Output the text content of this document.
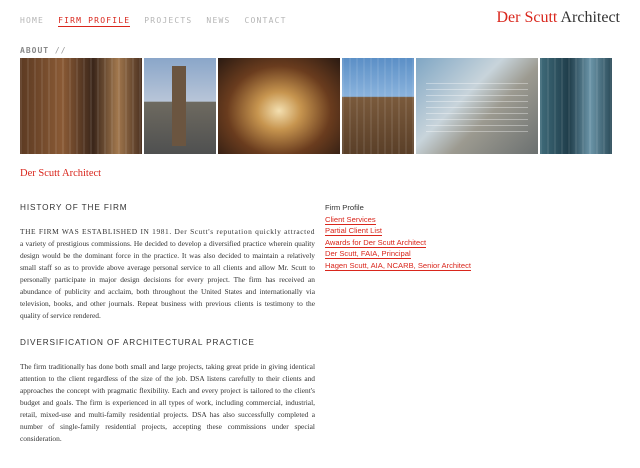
HOME FIRM PROFILE PROJECTS NEWS CONTACT	Der Scutt Architect
ABOUT //
Der Scutt Architect
HISTORY OF THE FIRM

THE FIRM WAS ESTABLISHED IN 1981. Der Scutt's reputation quickly attracted a variety of prestigious commissions. He decided to develop a diversified practice wherein quality design would be the dominant force in the practice. It was also decided to maintain a relatively small staff so as to provide above average personal service to all clients and allow Mr. Scutt to personally participate in major design decisions for every project. The firm has received an abundance of publicity and acclaim, both throughout the United States and internationally via television, books, and other journals. Repeat business with previous clients is testimony to the quality of service rendered.

DIVERSIFICATION OF ARCHITECTURAL PRACTICE

The firm traditionally has done both small and large projects, taking great pride in giving identical attention to the client regardless of the size of the job. DSA listens carefully to their clients and approaches the concept with pragmatic flexibility. Each and every project is tailored to the client's budget and goals. The firm is experienced in all types of work, including commercial, industrial, retail, mixed-use and multi-family residential projects. DSA has also successfully completed a number of single-family residential projects, accepting these commissions under special consideration.

Firm Profile
Client Services
Partial Client List
Awards for Der Scutt Architect
Der Scutt, FAIA, Principal
Hagen Scutt, AIA, NCARB, Senior Architect
